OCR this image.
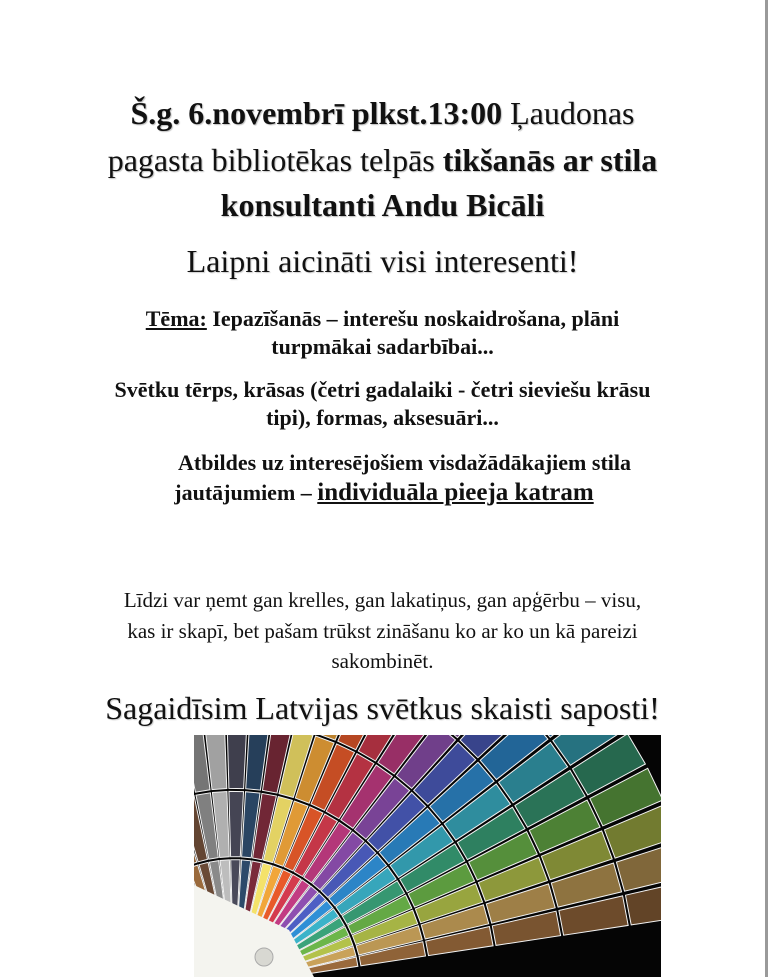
Š.g. 6.novembrī plkst.13:00 Ļaudonas
pagasta bibliotēkas telpās tikšanās ar stila
konsultanti Andu Bicāli
Laipni aicināti visi interesenti!
Tēma: Iepazīšanās – interešu noskaidrošana, plāni
turpmākai sadarbībai...
Svētku tērps, krāsas (četri gadalaiki - četri sieviešu krāsu
tipi), formas, aksesuāri...
Atbildes uz interesējošiem visdažādākajiem stila
jautājumiem – individuāla pieeja katram
Līdzi var ņemt gan krelles, gan lakatiņus, gan apģērbu – visu,
kas ir skapī, bet pašam trūkst zināšanu ko ar ko un kā pareizi
sakombinēt.
Sagaidīsim Latvijas svētkus skaisti saposti!
